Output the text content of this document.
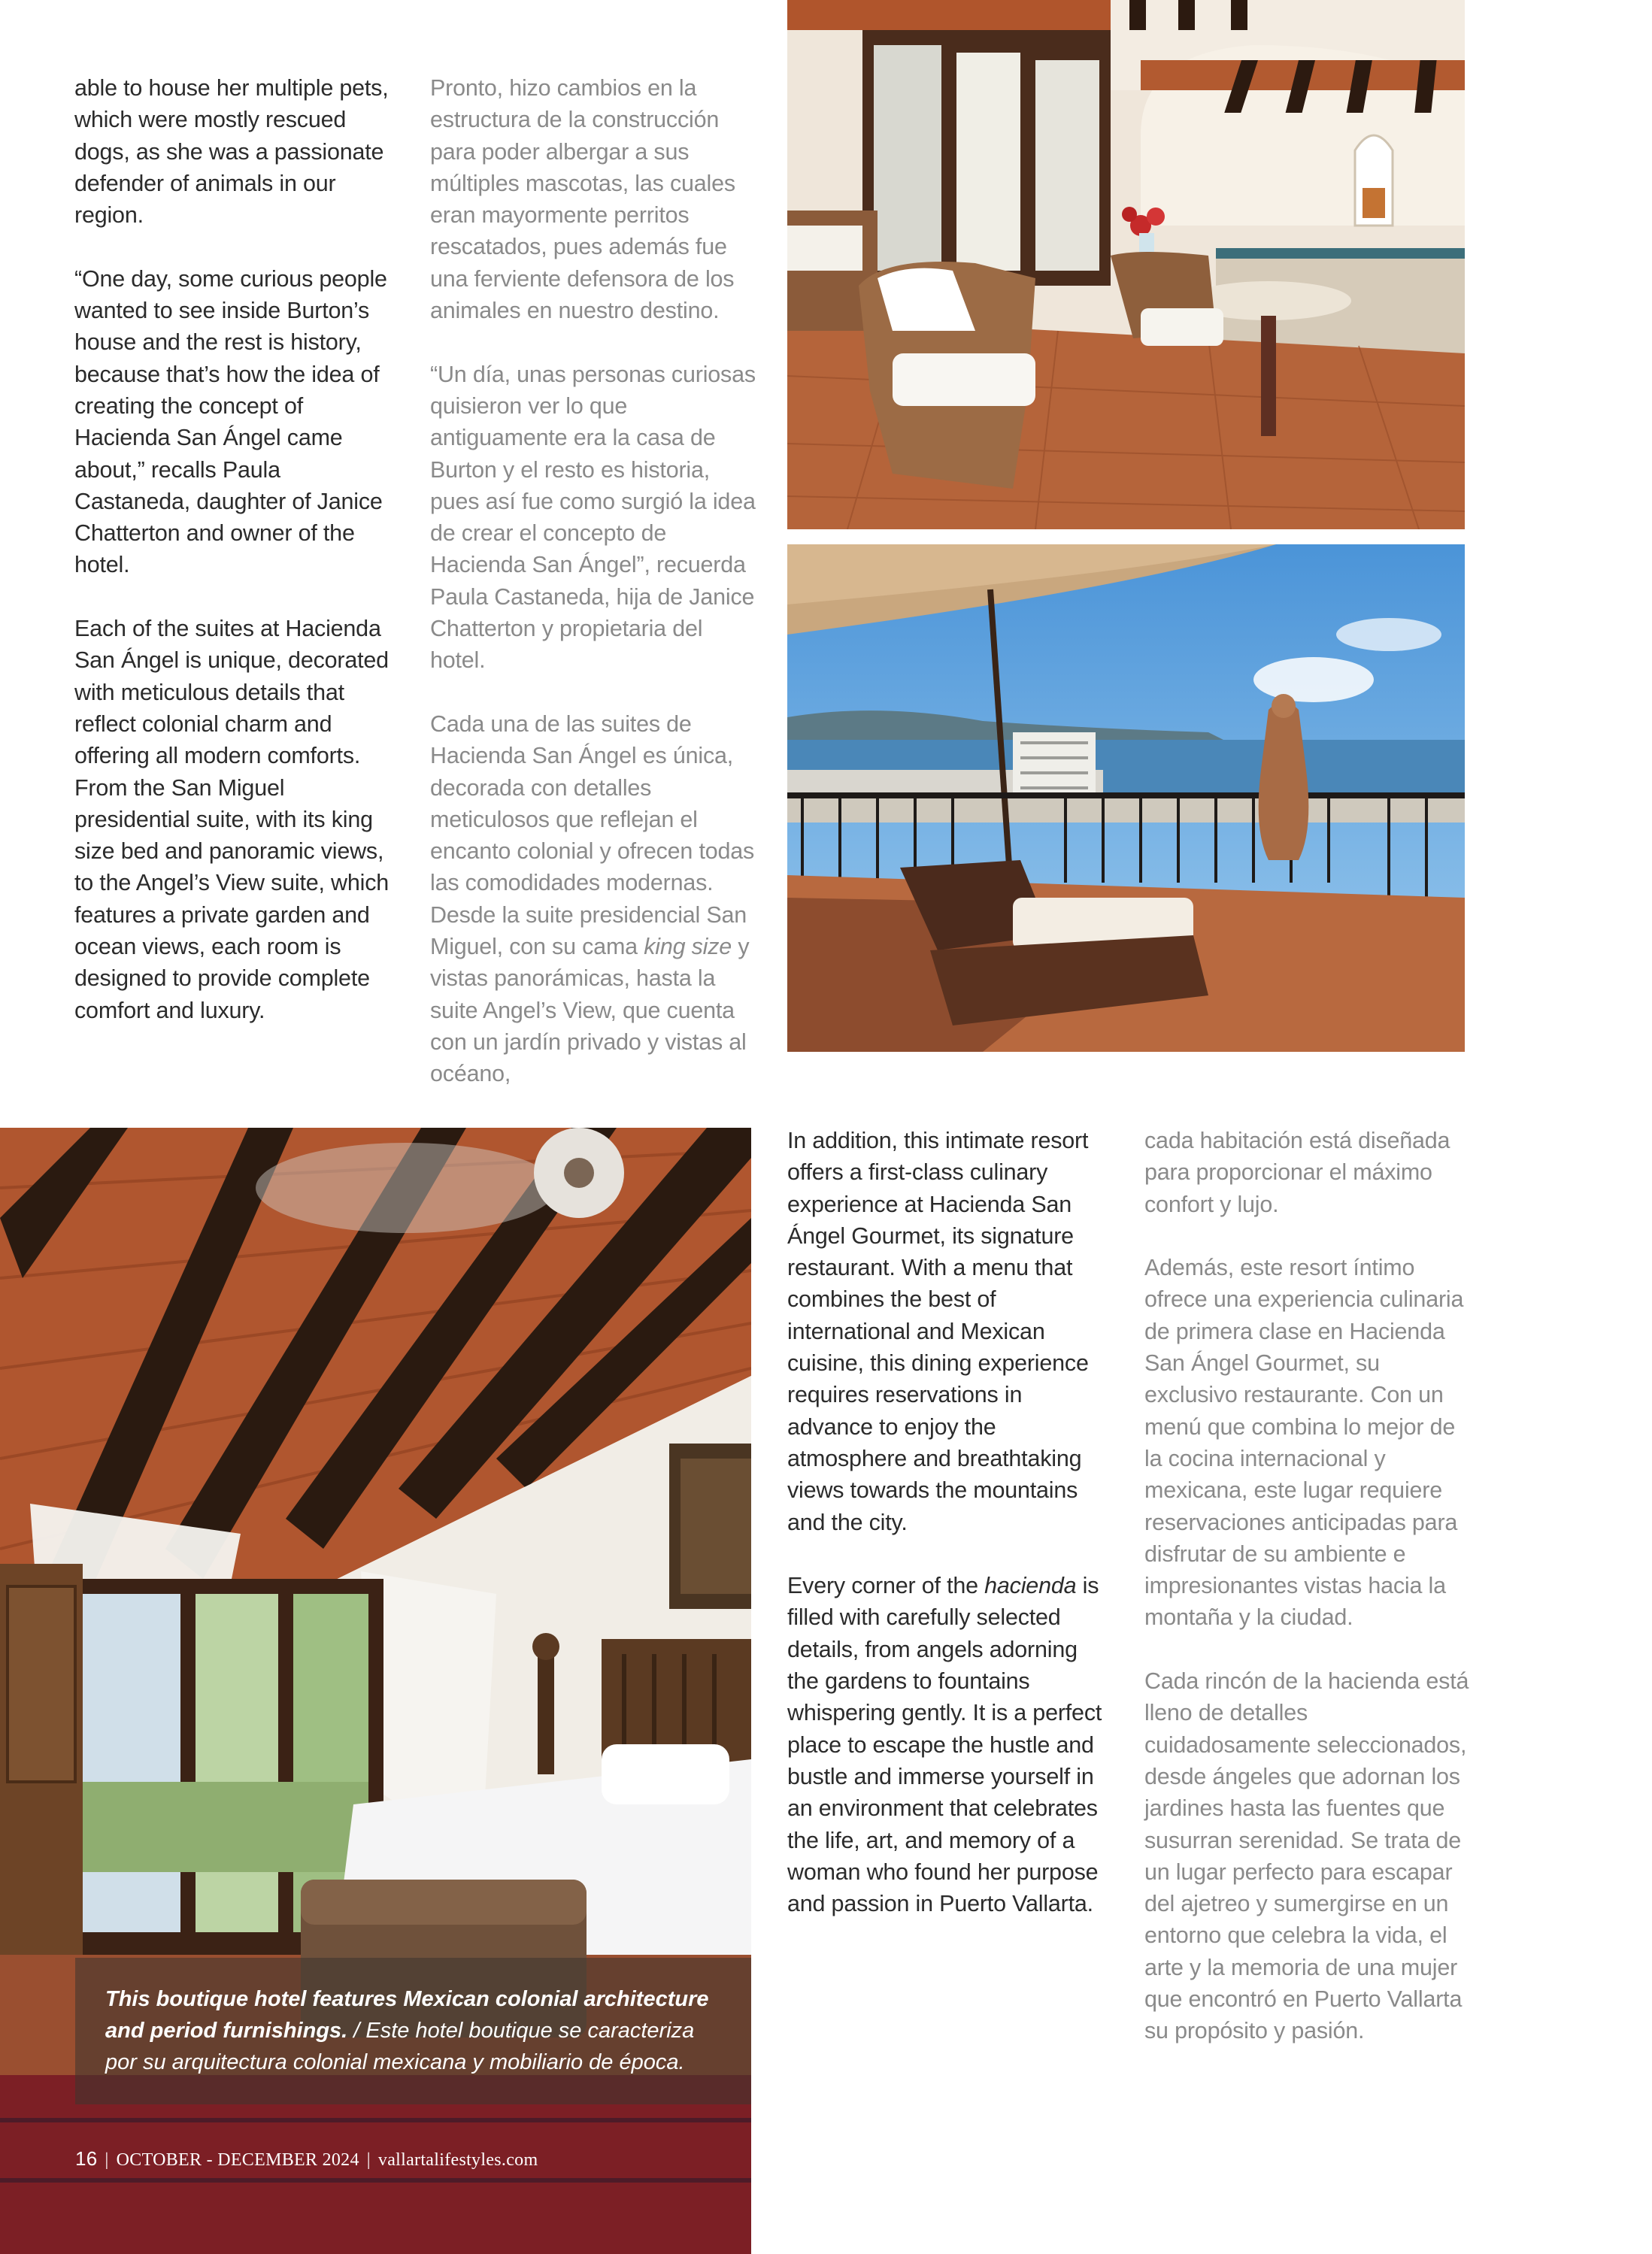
able to house her multiple pets, which were mostly rescued dogs, as she was a passionate defender of animals in our region.

“One day, some curious people wanted to see inside Burton’s house and the rest is history, because that’s how the idea of creating the concept of Hacienda San Ángel came about,” recalls Paula Castaneda, daughter of Janice Chatterton and owner of the hotel.

Each of the suites at Hacienda San Ángel is unique, decorated with meticulous details that reflect colonial charm and offering all modern comforts. From the San Miguel presidential suite, with its king size bed and panoramic views, to the Angel’s View suite, which features a private garden and ocean views, each room is designed to provide complete comfort and luxury.

Pronto, hizo cambios en la estructura de la construcción para poder albergar a sus múltiples mascotas, las cuales eran mayormente perritos rescatados, pues además fue una ferviente defensora de los animales en nuestro destino.

“Un día, unas personas curiosas quisieron ver lo que antiguamente era la casa de Burton y el resto es historia, pues así fue como surgió la idea de crear el concepto de Hacienda San Ángel”, recuerda Paula Castaneda, hija de Janice Chatterton y propietaria del hotel.

Cada una de las suites de Hacienda San Ángel es única, decorada con detalles meticulosos que reflejan el encanto colonial y ofrecen todas las comodidades modernas. Desde la suite presidencial San Miguel, con su cama king size y vistas panorámicas, hasta la suite Angel’s View, que cuenta con un jardín privado y vistas al océano,

In addition, this intimate resort offers a first-class culinary experience at Hacienda San Ángel Gourmet, its signature restaurant. With a menu that combines the best of international and Mexican cuisine, this dining experience requires reservations in advance to enjoy the atmosphere and breathtaking views towards the mountains and the city.

Every corner of the hacienda is filled with carefully selected details, from angels adorning the gardens to fountains whispering gently. It is a perfect place to escape the hustle and bustle and immerse yourself in an environment that celebrates the life, art, and memory of a woman who found her purpose and passion in Puerto Vallarta.

cada habitación está diseñada para proporcionar el máximo confort y lujo.

Además, este resort íntimo ofrece una experiencia culinaria de primera clase en Hacienda San Ángel Gourmet, su exclusivo restaurante. Con un menú que combina lo mejor de la cocina internacional y mexicana, este lugar requiere reservaciones anticipadas para disfrutar de su ambiente e impresionantes vistas hacia la montaña y la ciudad.

Cada rincón de la hacienda está lleno de detalles cuidadosamente seleccionados, desde ángeles que adornan los jardines hasta las fuentes que susurran serenidad. Se trata de un lugar perfecto para escapar del ajetreo y sumergirse en un entorno que celebra la vida, el arte y la memoria de una mujer que encontró en Puerto Vallarta su propósito y pasión.

This boutique hotel features Mexican colonial architecture and period furnishings. / Este hotel boutique se caracteriza por su arquitectura colonial mexicana y mobiliario de época.
16 | OCTOBER - DECEMBER 2024 | vallartalifestyles.com
